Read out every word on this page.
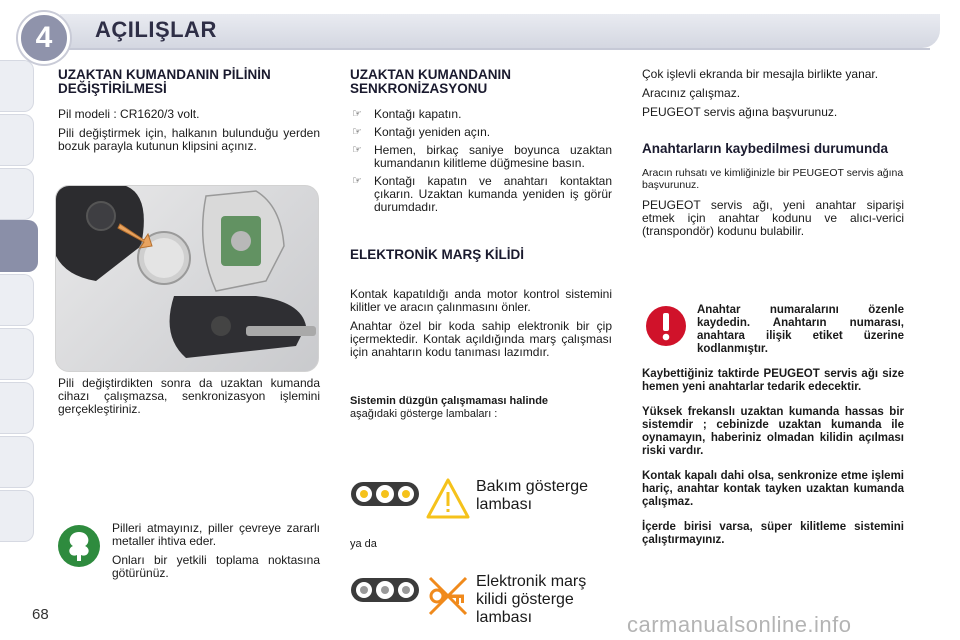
4	AÇILIŞLAR
UZAKTAN KUMANDANIN PİLİNİN DEĞİŞTİRİLMESİ

Pil modeli : CR1620/3 volt.

Pili değiştirmek için, halkanın bulunduğu yerden bozuk parayla kutunun klipsini açınız.

Pili değiştirdikten sonra da uzaktan kumanda cihazı çalışmazsa, senkronizasyon işlemini gerçekleştiriniz.

Pilleri atmayınız, piller çevreye zararlı metaller ihtiva eder.

Onları bir yetkili toplama noktasına götürünüz.

UZAKTAN KUMANDANIN SENKRONİZASYONU
☞ Kontağı kapatın.
☞ Kontağı yeniden açın.
☞ Hemen, birkaç saniye boyunca uzaktan kumandanın kilitleme düğmesine basın.
☞ Kontağı kapatın ve anahtarı kontaktan çıkarın. Uzaktan kumanda yeniden iş görür durumdadır.
ELEKTRONİK MARŞ KİLİDİ

Kontak kapatıldığı anda motor kontrol sistemini kilitler ve aracın çalınmasını önler.

Anahtar özel bir koda sahip elektronik bir çip içermektedir. Kontak açıldığında marş çalışması için anahtarın kodu tanıması lazımdır.

Sistemin düzgün çalışmaması halinde

aşağıdaki gösterge lambaları :

Bakım gösterge lambası
ya da
Elektronik marş kilidi gösterge lambası

Çok işlevli ekranda bir mesajla birlikte yanar.

Aracınız çalışmaz.

PEUGEOT servis ağına başvurunuz.

Anahtarların kaybedilmesi durumunda

Aracın ruhsatı ve kimliğinizle bir PEUGEOT servis ağına başvurunuz.

PEUGEOT servis ağı, yeni anahtar siparişi etmek için anahtar kodunu ve alıcı-verici (transpondör) kodunu bulabilir.

Anahtar numaralarını özenle kaydedin. Anahtarın numarası, anahtara ilişik etiket üzerine kodlanmıştır.

Kaybettiğiniz taktirde PEUGEOT servis ağı size hemen yeni anahtarlar tedarik edecektir.

Yüksek frekanslı uzaktan kumanda hassas bir sistemdir ; cebinizde uzaktan kumanda ile oynamayın, haberiniz olmadan kilidin açılması riski vardır.

Kontak kapalı dahi olsa, senkronize etme işlemi hariç, anahtar kontak tayken uzaktan kumanda çalışmaz.

İçerde birisi varsa, süper kilitleme sistemini çalıştırmayınız.

68	carmanualsonline.info
